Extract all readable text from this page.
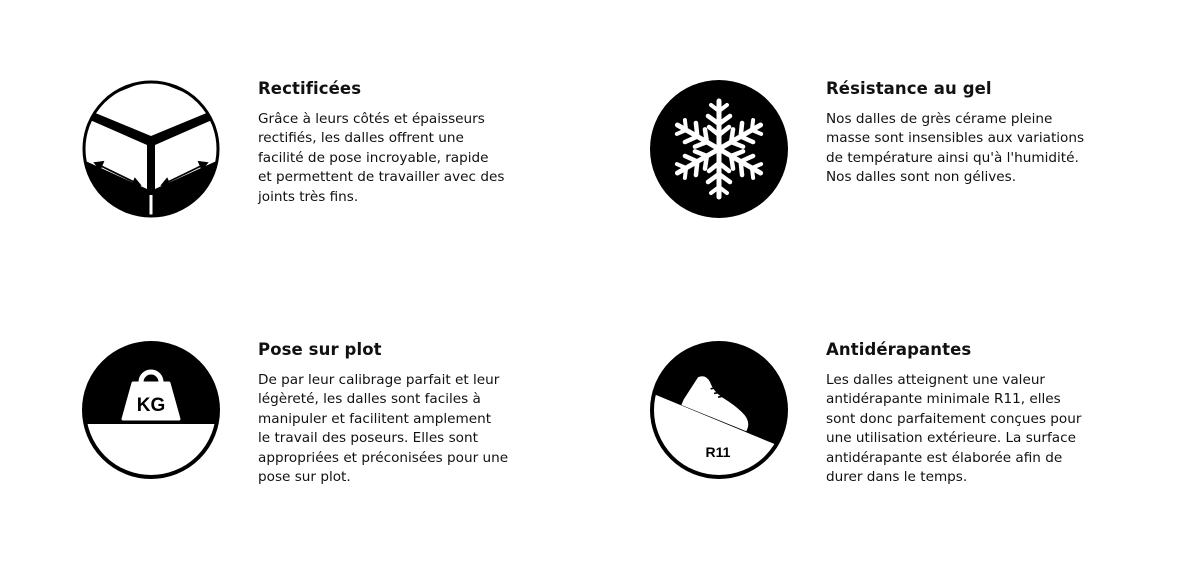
Rectificées
Grâce à leurs côtés et épaisseurs
rectifiés, les dalles offrent une
facilité de pose incroyable, rapide
et permettent de travailler avec des
joints très fins.
Résistance au gel
Nos dalles de grès cérame pleine
masse sont insensibles aux variations
de température ainsi qu'à l'humidité.
Nos dalles sont non gélives.
KG
Pose sur plot
De par leur calibrage parfait et leur
légèreté, les dalles sont faciles à
manipuler et facilitent amplement
le travail des poseurs. Elles sont
appropriées et préconisées pour une
pose sur plot.
R11
Antidérapantes
Les dalles atteignent une valeur
antidérapante minimale R11, elles
sont donc parfaitement conçues pour
une utilisation extérieure. La surface
antidérapante est élaborée afin de
durer dans le temps.
